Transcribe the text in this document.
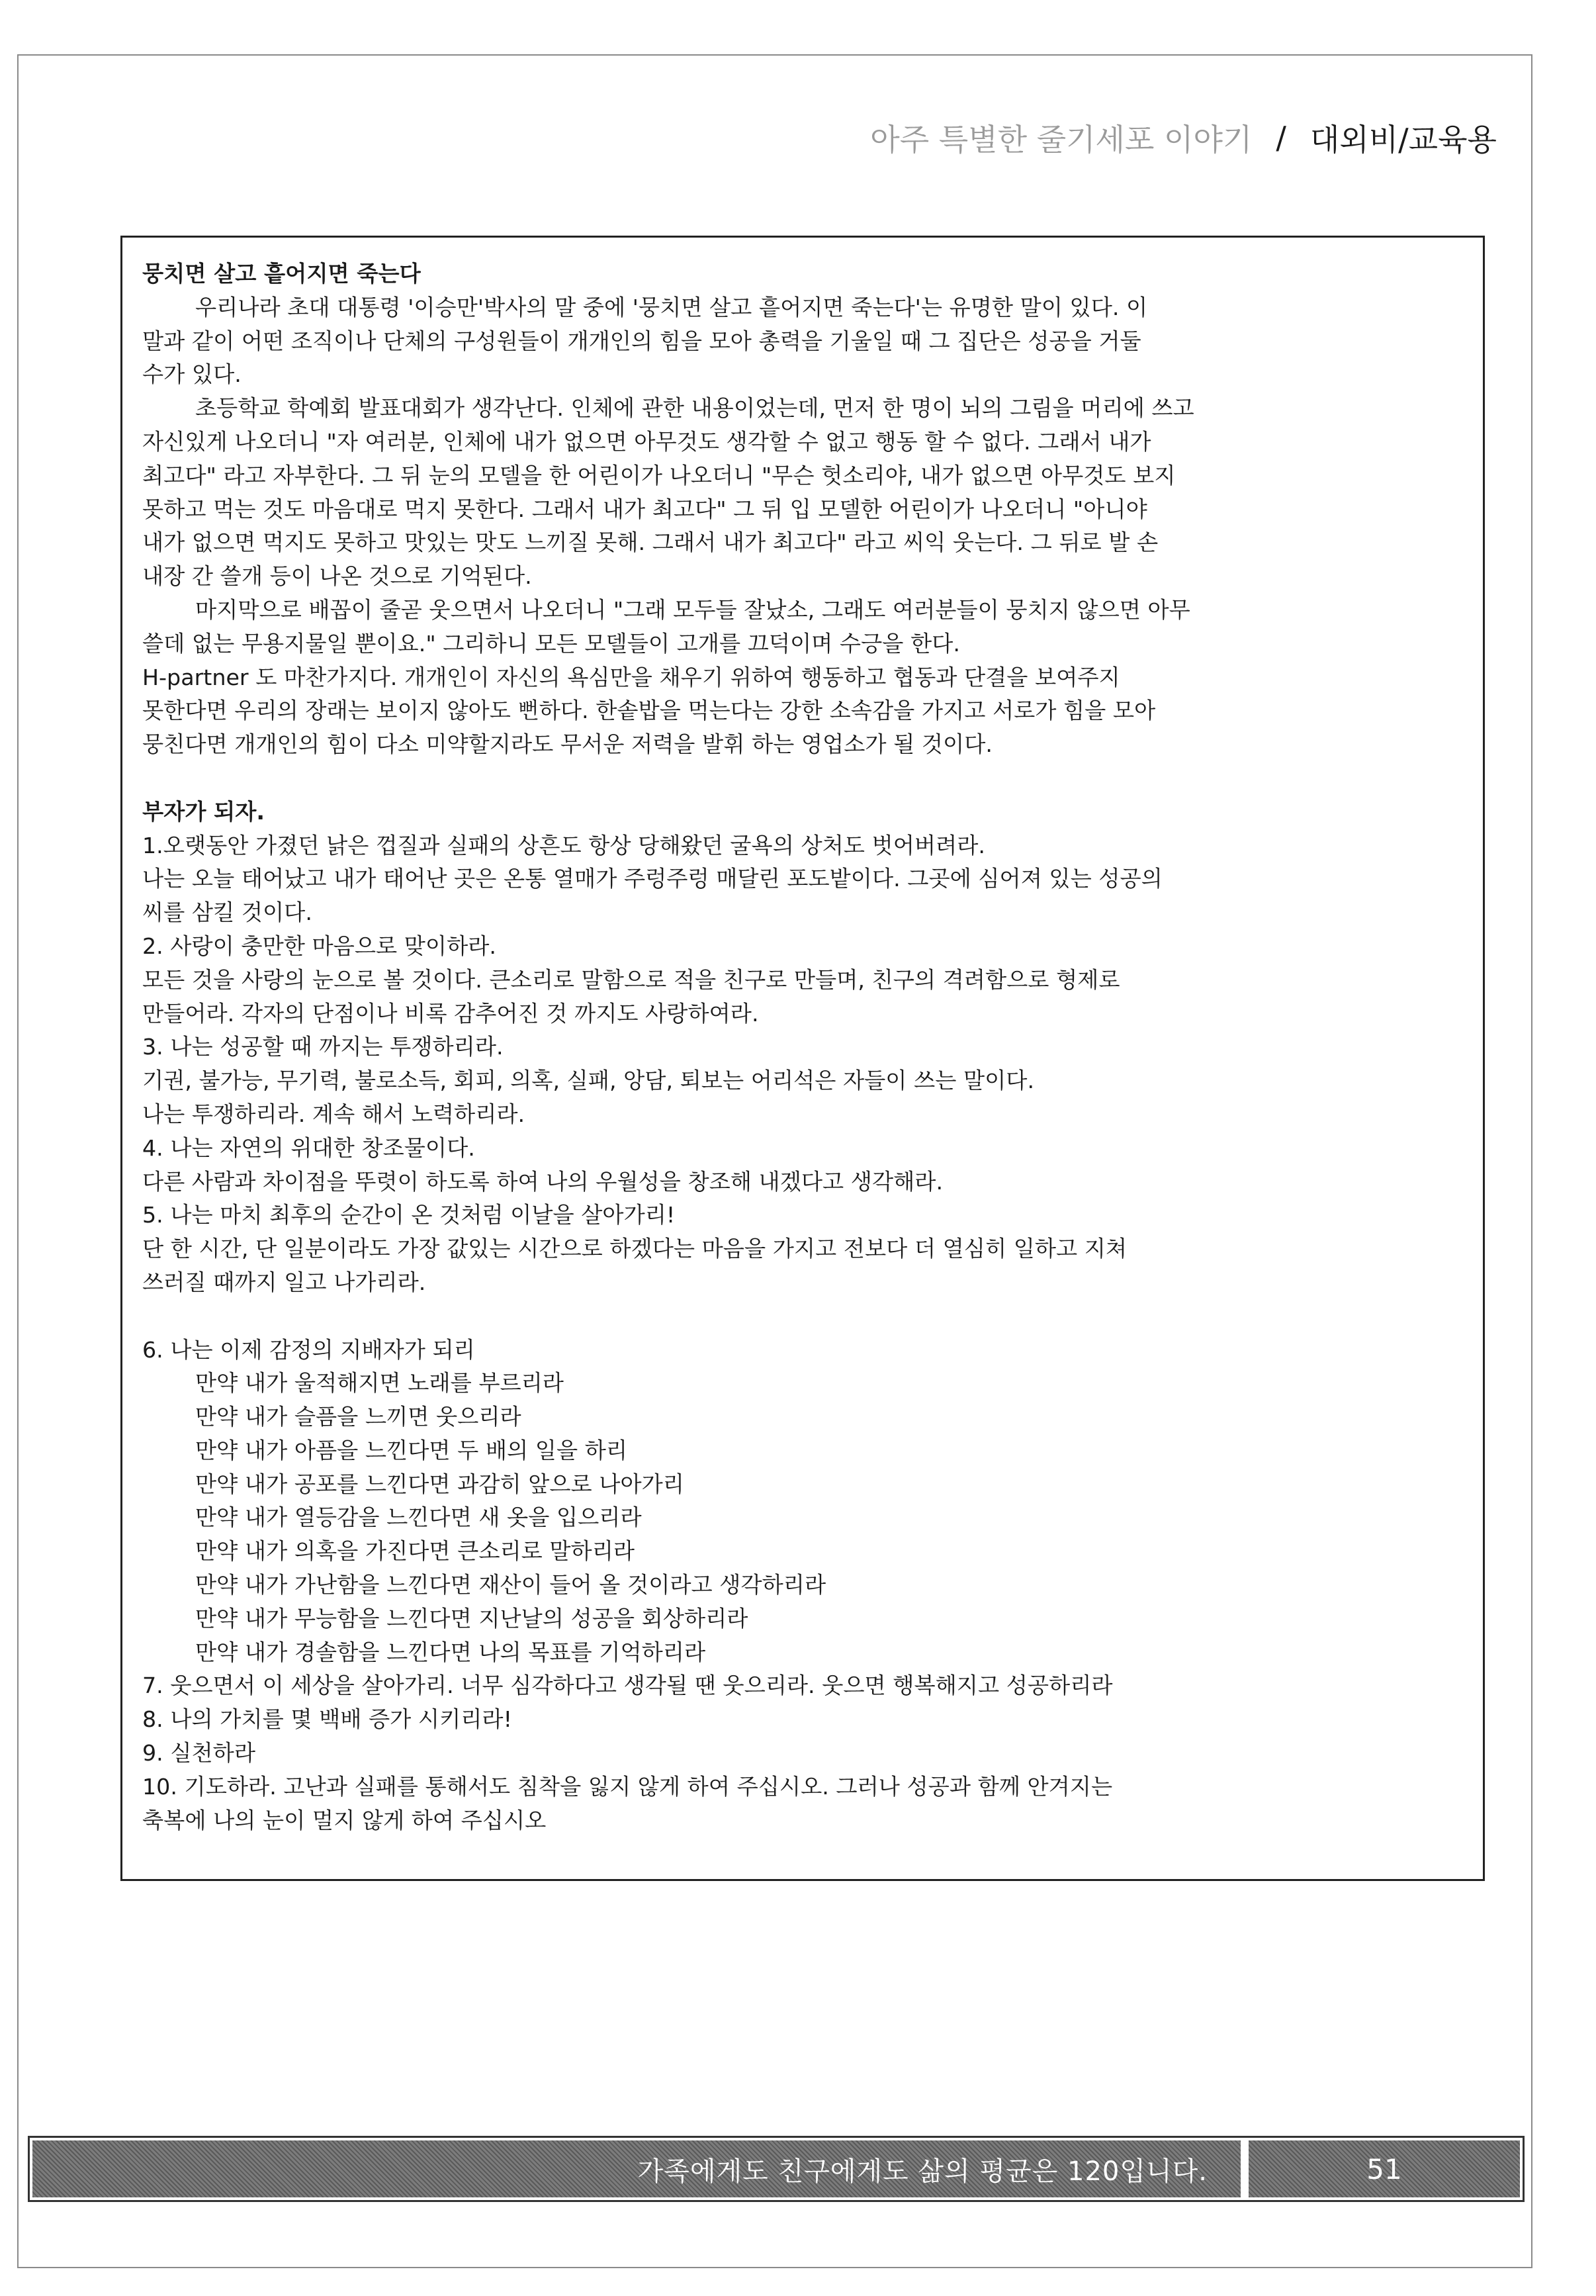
아주 특별한 줄기세포 이야기 / 대외비/교육용

뭉치면 살고 흩어지면 죽는다

우리나라 초대 대통령 '이승만'박사의 말 중에 '뭉치면 살고 흩어지면 죽는다'는 유명한 말이 있다. 이

말과 같이 어떤 조직이나 단체의 구성원들이 개개인의 힘을 모아 총력을 기울일 때 그 집단은 성공을 거둘

수가 있다.

초등학교 학예회 발표대회가 생각난다. 인체에 관한 내용이었는데, 먼저 한 명이 뇌의 그림을 머리에 쓰고

자신있게 나오더니 "자 여러분, 인체에 내가 없으면 아무것도 생각할 수 없고 행동 할 수 없다. 그래서 내가

최고다" 라고 자부한다. 그 뒤 눈의 모델을 한 어린이가 나오더니 "무슨 헛소리야, 내가 없으면 아무것도 보지

못하고 먹는 것도 마음대로 먹지 못한다. 그래서 내가 최고다" 그 뒤 입 모델한 어린이가 나오더니 "아니야

내가 없으면 먹지도 못하고 맛있는 맛도 느끼질 못해. 그래서 내가 최고다" 라고 씨익 웃는다. 그 뒤로 발 손

내장 간 쓸개 등이 나온 것으로 기억된다.

마지막으로 배꼽이 줄곧 웃으면서 나오더니 "그래 모두들 잘났소, 그래도 여러분들이 뭉치지 않으면 아무

쓸데 없는 무용지물일 뿐이요." 그리하니 모든 모델들이 고개를 끄덕이며 수긍을 한다.

H-partner 도 마찬가지다. 개개인이 자신의 욕심만을 채우기 위하여 행동하고 협동과 단결을 보여주지

못한다면 우리의 장래는 보이지 않아도 뻔하다. 한솥밥을 먹는다는 강한 소속감을 가지고 서로가 힘을 모아

뭉친다면 개개인의 힘이 다소 미약할지라도 무서운 저력을 발휘 하는 영업소가 될 것이다.

부자가 되자.

1.오랫동안 가졌던 낡은 껍질과 실패의 상흔도 항상 당해왔던 굴욕의 상처도 벗어버려라.

나는 오늘 태어났고 내가 태어난 곳은 온통 열매가 주렁주렁 매달린 포도밭이다. 그곳에 심어져 있는 성공의

씨를 삼킬 것이다.

2. 사랑이 충만한 마음으로 맞이하라.

모든 것을 사랑의 눈으로 볼 것이다. 큰소리로 말함으로 적을 친구로 만들며, 친구의 격려함으로 형제로

만들어라. 각자의 단점이나 비록 감추어진 것 까지도 사랑하여라.

3. 나는 성공할 때 까지는 투쟁하리라.

기권, 불가능, 무기력, 불로소득, 회피, 의혹, 실패, 앙담, 퇴보는 어리석은 자들이 쓰는 말이다.

나는 투쟁하리라. 계속 해서 노력하리라.

4. 나는 자연의 위대한 창조물이다.

다른 사람과 차이점을 뚜렷이 하도록 하여 나의 우월성을 창조해 내겠다고 생각해라.

5. 나는 마치 최후의 순간이 온 것처럼 이날을 살아가리!

단 한 시간, 단 일분이라도 가장 값있는 시간으로 하겠다는 마음을 가지고 전보다 더 열심히 일하고 지쳐

쓰러질 때까지 일고 나가리라.

6. 나는 이제 감정의 지배자가 되리

만약 내가 울적해지면 노래를 부르리라

만약 내가 슬픔을 느끼면 웃으리라

만약 내가 아픔을 느낀다면 두 배의 일을 하리

만약 내가 공포를 느낀다면 과감히 앞으로 나아가리

만약 내가 열등감을 느낀다면 새 옷을 입으리라

만약 내가 의혹을 가진다면 큰소리로 말하리라

만약 내가 가난함을 느낀다면 재산이 들어 올 것이라고 생각하리라

만약 내가 무능함을 느낀다면 지난날의 성공을 회상하리라

만약 내가 경솔함을 느낀다면 나의 목표를 기억하리라

7. 웃으면서 이 세상을 살아가리. 너무 심각하다고 생각될 땐 웃으리라. 웃으면 행복해지고 성공하리라

8. 나의 가치를 몇 백배 증가 시키리라!

9. 실천하라

10. 기도하라. 고난과 실패를 통해서도 침착을 잃지 않게 하여 주십시오. 그러나 성공과 함께 안겨지는

축복에 나의 눈이 멀지 않게 하여 주십시오

가족에게도 친구에게도 삶의 평균은 120입니다.	51
